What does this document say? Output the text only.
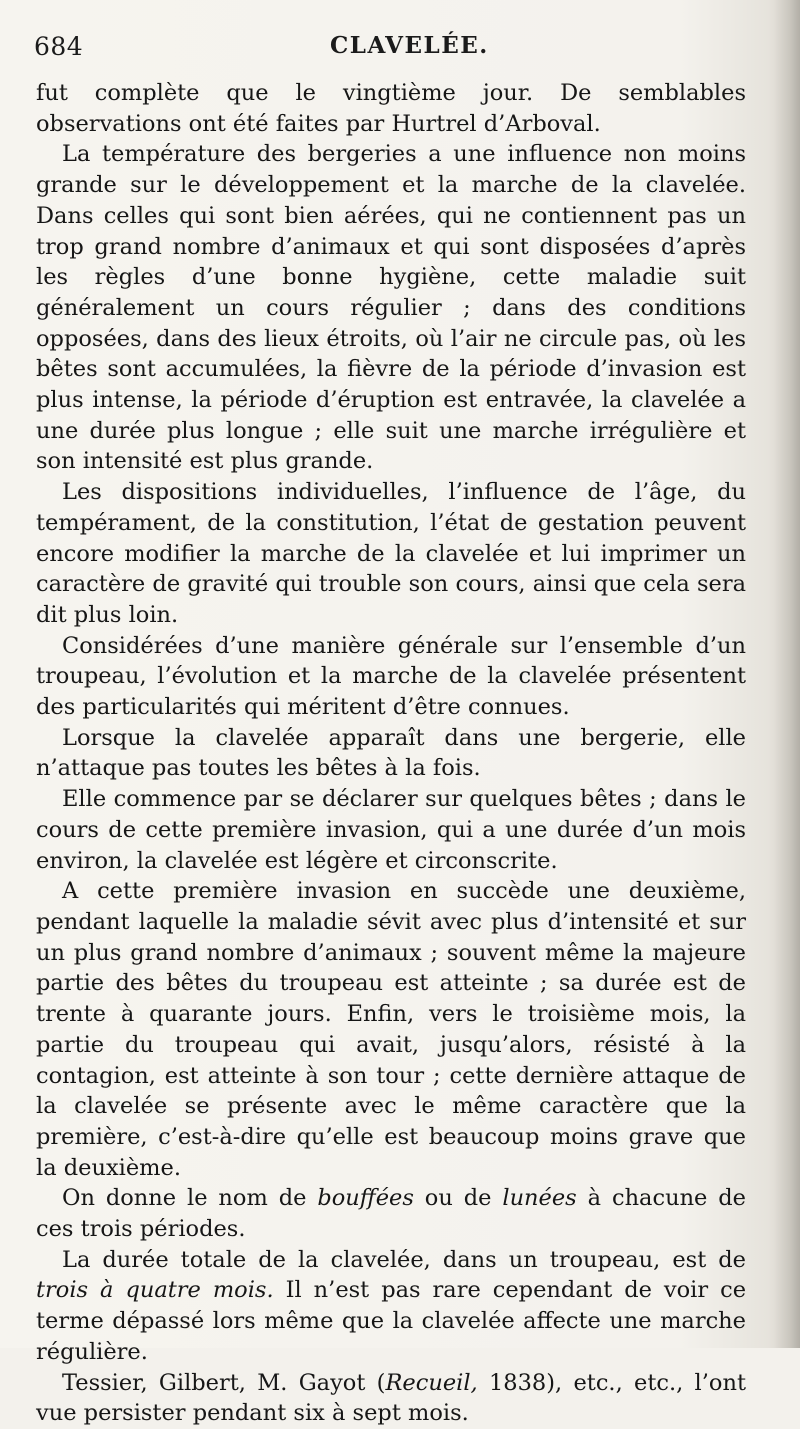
684	CLAVELÉE.

fut complète que le vingtième jour. De semblables observations ont été faites par Hurtrel d’Arboval.

La température des bergeries a une influence non moins grande sur le développement et la marche de la clavelée. Dans celles qui sont bien aérées, qui ne contiennent pas un trop grand nombre d’animaux et qui sont disposées d’après les règles d’une bonne hygiène, cette maladie suit généralement un cours régulier ; dans des conditions opposées, dans des lieux étroits, où l’air ne circule pas, où les bêtes sont accumulées, la fièvre de la période d’invasion est plus intense, la période d’éruption est entravée, la clavelée a une durée plus longue ; elle suit une marche irrégulière et son intensité est plus grande.

Les dispositions individuelles, l’influence de l’âge, du tempérament, de la constitution, l’état de gestation peuvent encore modifier la marche de la clavelée et lui imprimer un caractère de gravité qui trouble son cours, ainsi que cela sera dit plus loin.

Considérées d’une manière générale sur l’ensemble d’un troupeau, l’évolution et la marche de la clavelée présentent des particularités qui méritent d’être connues.

Lorsque la clavelée apparaît dans une bergerie, elle n’attaque pas toutes les bêtes à la fois.

Elle commence par se déclarer sur quelques bêtes ; dans le cours de cette première invasion, qui a une durée d’un mois environ, la clavelée est légère et circonscrite.

A cette première invasion en succède une deuxième, pendant laquelle la maladie sévit avec plus d’intensité et sur un plus grand nombre d’animaux ; souvent même la majeure partie des bêtes du troupeau est atteinte ; sa durée est de trente à quarante jours. Enfin, vers le troisième mois, la partie du troupeau qui avait, jusqu’alors, résisté à la contagion, est atteinte à son tour ; cette dernière attaque de la clavelée se présente avec le même caractère que la première, c’est-à-dire qu’elle est beaucoup moins grave que la deuxième.

On donne le nom de bouffées ou de lunées à chacune de ces trois périodes.

La durée totale de la clavelée, dans un troupeau, est de trois à quatre mois. Il n’est pas rare cependant de voir ce terme dépassé lors même que la clavelée affecte une marche régulière.

Tessier, Gilbert, M. Gayot (Recueil, 1838), etc., etc., l’ont vue persister pendant six à sept mois.
